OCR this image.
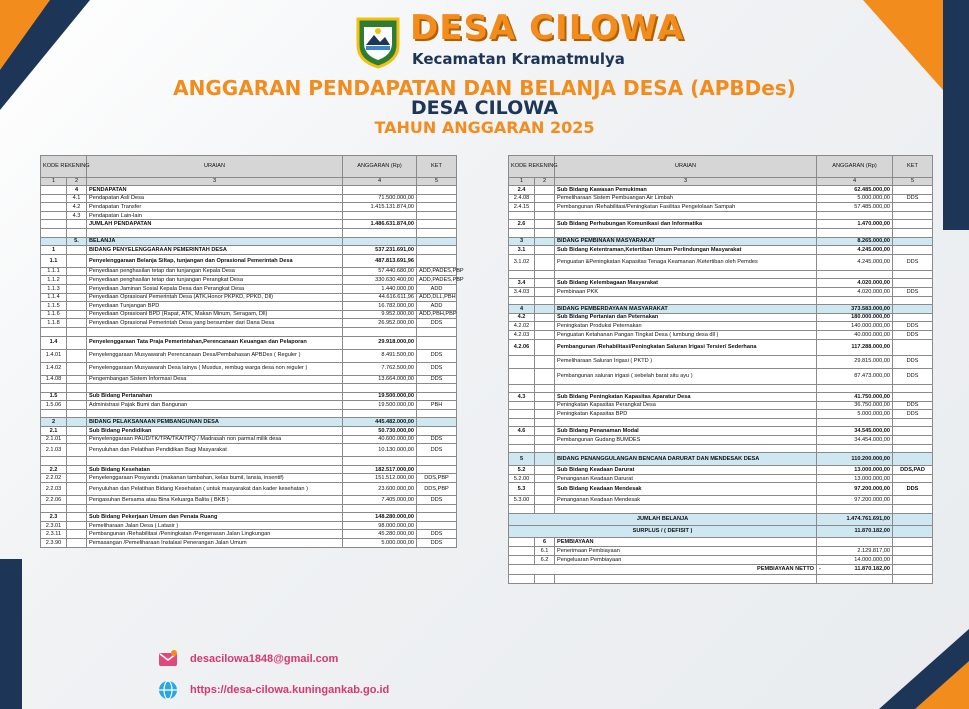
DESA CILOWA
Kecamatan Kramatmulya
ANGGARAN PENDAPATAN DAN BELANJA DESA (APBDes)
DESA CILOWA
TAHUN ANGGARAN 2025
KODE REKENING		URAIAN	ANGGARAN (Rp)	KET
1	2	3	4	5
	4	PENDAPATAN		
	4.1	Pendapatan Asli Desa	71.500.000,00	
	4.2	Pendapatan Transfer	1.415.131.874,00	
	4.3	Pendapatan Lain-lain		
		JUMLAH PENDAPATAN	1.486.631.874,00	

	5.	BELANJA		
1		BIDANG PENYELENGGARAAN PEMERINTAH DESA	537.231.691,00	
1.1		Penyelenggaraan Belanja Siltap, tunjangan dan Oprasional Pemerintah Desa	487.813.691,96	
1.1.1		Penyediaan penghasilan tetap dan tunjangan Kepala Desa	57.440.680,00	ADD,PADES,PBP
1.1.2		Penyediaan penghasilan tetap dan tunjangan Perangkat Desa	330.630.400,00	ADD,PADES,PBP
1.1.3		Penyediaan Jaminan Sosial Kepala Desa dan Perangkat Desa	1.440.000,00	ADD
1.1.4		Penyediaan Oprasioanl Pemerintah Desa (ATK,Honor PKPKD, PPKD, Dll)	44.616.611,96	ADD,DLL,PBH
1.1.5		Penyediaan Tunjangan BPD	16.782.000,00	ADD
1.1.6		Penyediaan Oprasioanl BPD (Rapat, ATK, Makan Minum, Seragam, Dll)	9.952.000,00	ADD,PBH,PBP
1.1.8		Penyediaan Oprasional Pemerintah Desa yang bersumber dari Dana Desa	26.952.000,00	DDS

1.4		Penyelenggaraan Tata Praja Pemerintahan,Perencanaan Keuangan dan Pelaporan	29.918.000,00	
1.4.01		Penyelenggaraan Musyawarah Perencanaan Desa/Pembahasan APBDes ( Reguler )	8.491.500,00	DDS
1.4.02		Penyelenggaraan Musyawarah Desa lainya ( Musdus, rembug warga desa non reguler )	7.762.500,00	DDS
1.4.08		Pengembangan Sistem Informasi Desa	13.664.000,00	DDS

1.5		Sub Bidang Pertanahan	19.500.000,00	
1.5.06		Administrasi Pajak Bumi dan Bangunan	19.500.000,00	PBH

2		BIDANG PELAKSANAAN PEMBANGUNAN DESA	445.482.000,00	
2.1		Sub Bidang Pendidikan	50.730.000,00	
2.1.01		Penyelenggaraan PAUD/TK/TPA/TKA/TPQ / Madrasah non parmal milik desa	40.600.000,00	DDS
2.1.03		Penyuluhan dan Pelatihan Pendidikan Bagi Masyarakat	10.130.000,00	DDS

2.2		Sub Bidang Kesehatan	182.517.000,00	
2.2.02		Penyelenggaraan Posyandu (makanan tambahan, kelas bumil, lansia, insentif)	151.512.000,00	DDS,PBP
2.2.03		Penyuluhan dan Pelatihan Bidang Kesehatan ( untuk masyarakat dan kader kesehatan )	23.600.000,00	DDS,PBP
2.2.06		Pengasuhan Bersama atau Bina Keluarga Balita ( BKB )	7.405.000,00	DDS

2.3		Sub Bidang Pekerjaan Umum dan Penata Ruang	148.280.000,00	
2.3.01		Pemeliharaan Jalan Desa ( Latasir )	98.000.000,00	
2.3.11		Pembangunan /Rehabilitasi /Peningkatan /Pengerasan Jalan Lingkungan	45.280.000,00	DDS
2.3.90		Pemasangan /Pemeliharaan Instalasi Penerangan Jalan Umum	5.000.000,00	DDS
KODE REKENING		URAIAN	ANGGARAN (Rp)	KET
1	2	3	4	5
2.4		Sub Bidang Kawasan Pemukiman	62.485.000,00	
2.4.08		Pemeliharaan Sistem Pembuangan Air Limbah	5.000.000,00	DDS
2.4.15		Pembangunan /Rehabilitasi/Peningkatan Fasilitas Pengelolaan Sampah	57.485.000,00	

2.6		Sub Bidang Perhubungan Komunikasi dan Informatika	1.470.000,00	

3		BIDANG PEMBINAAN MASYARAKAT	8.265.000,00	
3.1		Sub Bidang Ketentraman,Ketertiban Umum Perlindungan Masyarakat	4.245.000,00	
3.1.02		Penguatan &Peningkatan Kapasitas Tenaga Keamanan /Ketertiban oleh Pemdes	4.245.000,00	DDS

3.4		Sub Bidang Kelembagaan Masyarakat	4.020.000,00	
3.4.03		Pembinaan PKK	4.020.000,00	DDS

4		BIDANG PEMBERDAYAAN MASYARAKAT	373.583.000,00	
4.2		Sub Bidang Pertanian dan Peternakan	180.000.000,00	
4.2.02		Peningkatan Produksi Peternakan	140.000.000,00	DDS
4.2.03		Penguatan Ketahanan Pangan Tingkat Desa ( lumbung desa dll )	40.000.000,00	DDS
4.2.06		Pembangunan /Rehabilitasi/Peningkatan Saluran Irigasi Tersier/ Sederhana	117.288.000,00	
		Pemeliharaan Saluran Irigasi ( PKTD )	29.815.000,00	DDS
		Pembangunan saluran irigasi ( sebelah barat situ ayu )	87.473.000,00	DDS

4.3		Sub Bidang Peningkatan Kapasitas Aparatur Desa	41.750.000,00	
		Peningkatan Kapasitas Perangkat Desa	36.750.000,00	DDS
		Peningkatan Kapasitas BPD	5.000.000,00	DDS

4.6		Sub Bidang Penanaman Modal	34.545.000,00	
		Pembangunan Gudang BUMDES	34.454.000,00	

5		BIDANG PENANGGULANGAN BENCANA DARURAT DAN MENDESAK DESA	110.200.000,00	
5.2		Sub Bidang Keadaan Darurat	13.000.000,00	DDS,PAD
5.2.00		Penanganan Keadaan Darurat	13.000.000,00	
5.3		Sub Bidang Keadaan Mendesak	97.200.000,00	DDS
5.3.00		Penanganan Keadaan Mendesak	97.200.000,00	

JUMLAH BELANJA			1.474.761.691,00	
SURPLUS / ( DEFISIT )			11.870.182,00	
	6	PEMBIAYAAN		
	6.1	Penerimaan Pembiayaan	2.129.817,00	
	6.2	Pengeluaran Pembiayaan	14.000.000,00	
PEMBIAYAAN NETTO			- 11.870.182,00	

desacilowa1848@gmail.com
https://desa-cilowa.kuningankab.go.id
